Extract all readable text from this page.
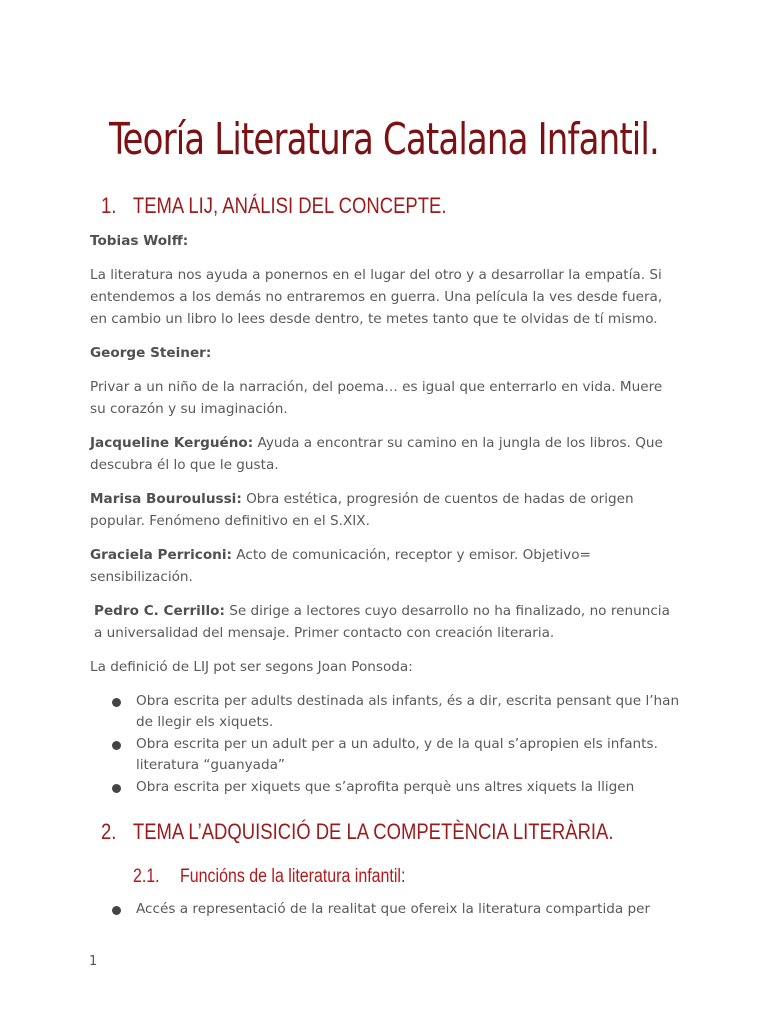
Teoría Literatura Catalana Infantil.
1. TEMA LIJ, ANÁLISI DEL CONCEPTE.
Tobias Wolff:
La literatura nos ayuda a ponernos en el lugar del otro y a desarrollar la empatía. Si entendemos a los demás no entraremos en guerra. Una película la ves desde fuera, en cambio un libro lo lees desde dentro, te metes tanto que te olvidas de tí mismo.
George Steiner:
Privar a un niño de la narración, del poema… es igual que enterrarlo en vida. Muere su corazón y su imaginación.
Jacqueline Kerguéno: Ayuda a encontrar su camino en la jungla de los libros. Que descubra él lo que le gusta.
Marisa Bouroulussi: Obra estética, progresión de cuentos de hadas de origen popular. Fenómeno definitivo en el S.XIX.
Graciela Perriconi: Acto de comunicación, receptor y emisor. Objetivo= sensibilización.
Pedro C. Cerrillo: Se dirige a lectores cuyo desarrollo no ha finalizado, no renuncia a universalidad del mensaje. Primer contacto con creación literaria.
La definició de LIJ pot ser segons Joan Ponsoda:
Obra escrita per adults destinada als infants, és a dir, escrita pensant que l’han de llegir els xiquets.
Obra escrita per un adult per a un adulto, y de la qual s’apropien els infants. literatura “guanyada”
Obra escrita per xiquets que s’aprofita perquè uns altres xiquets la lligen
2. TEMA L’ADQUISICIÓ DE LA COMPETÈNCIA LITERÀRIA.
2.1. Funcións de la literatura infantil:
Accés a representació de la realitat que ofereix la literatura compartida per
1
